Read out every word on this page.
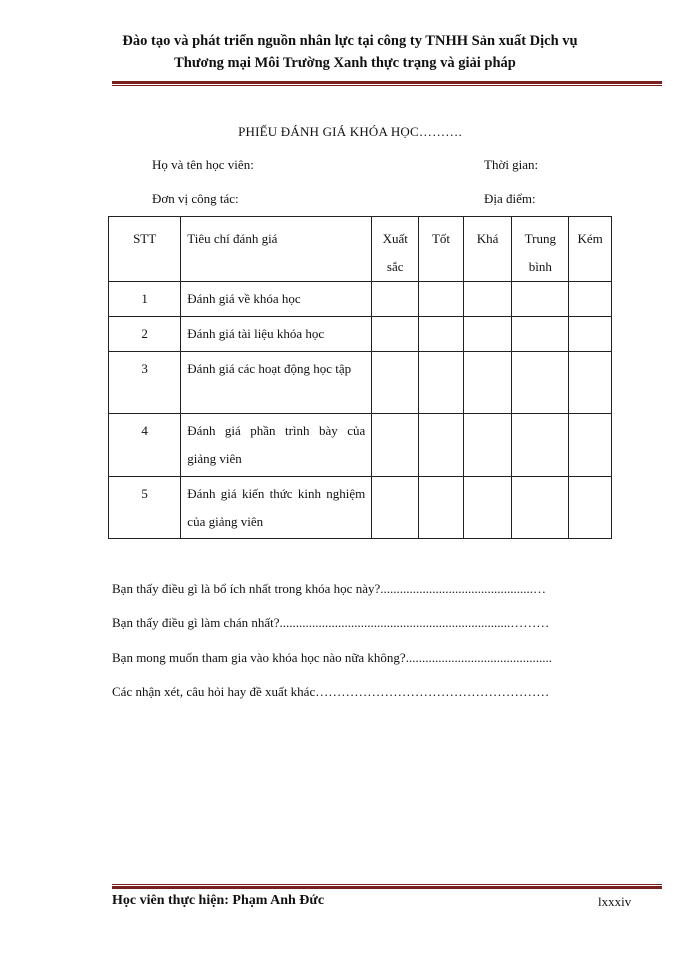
Đào tạo và phát triển nguồn nhân lực tại công ty TNHH Sản xuất Dịch vụ
Thương mại Môi Trường Xanh thực trạng và giải pháp
PHIẾU ĐÁNH GIÁ KHÓA HỌC……….
Họ và tên học viên:	Thời gian:
Đơn vị công tác:	Địa điểm:
STT	Tiêu chí đánh giá	Xuất sắc	Tốt	Khá	Trung bình	Kém

1	Đánh giá về khóa học					

2	Đánh giá tài liệu khóa học					

3	Đánh giá các hoạt động học tập					

4	Đánh giá phần trình bày của giảng viên					

5	Đánh giá kiến thức kinh nghiệm của giảng viên					

Bạn thấy điều gì là bổ ích nhất trong khóa học này?...............................................…
Bạn thấy điều gì làm chán nhất?.......................................................................………
Bạn mong muốn tham gia vào khóa học nào nữa không?.............................................
Các nhận xét, câu hỏi hay đề xuất khác………………………………………………
Học viên thực hiện: Phạm Anh Đức	lxxxiv
